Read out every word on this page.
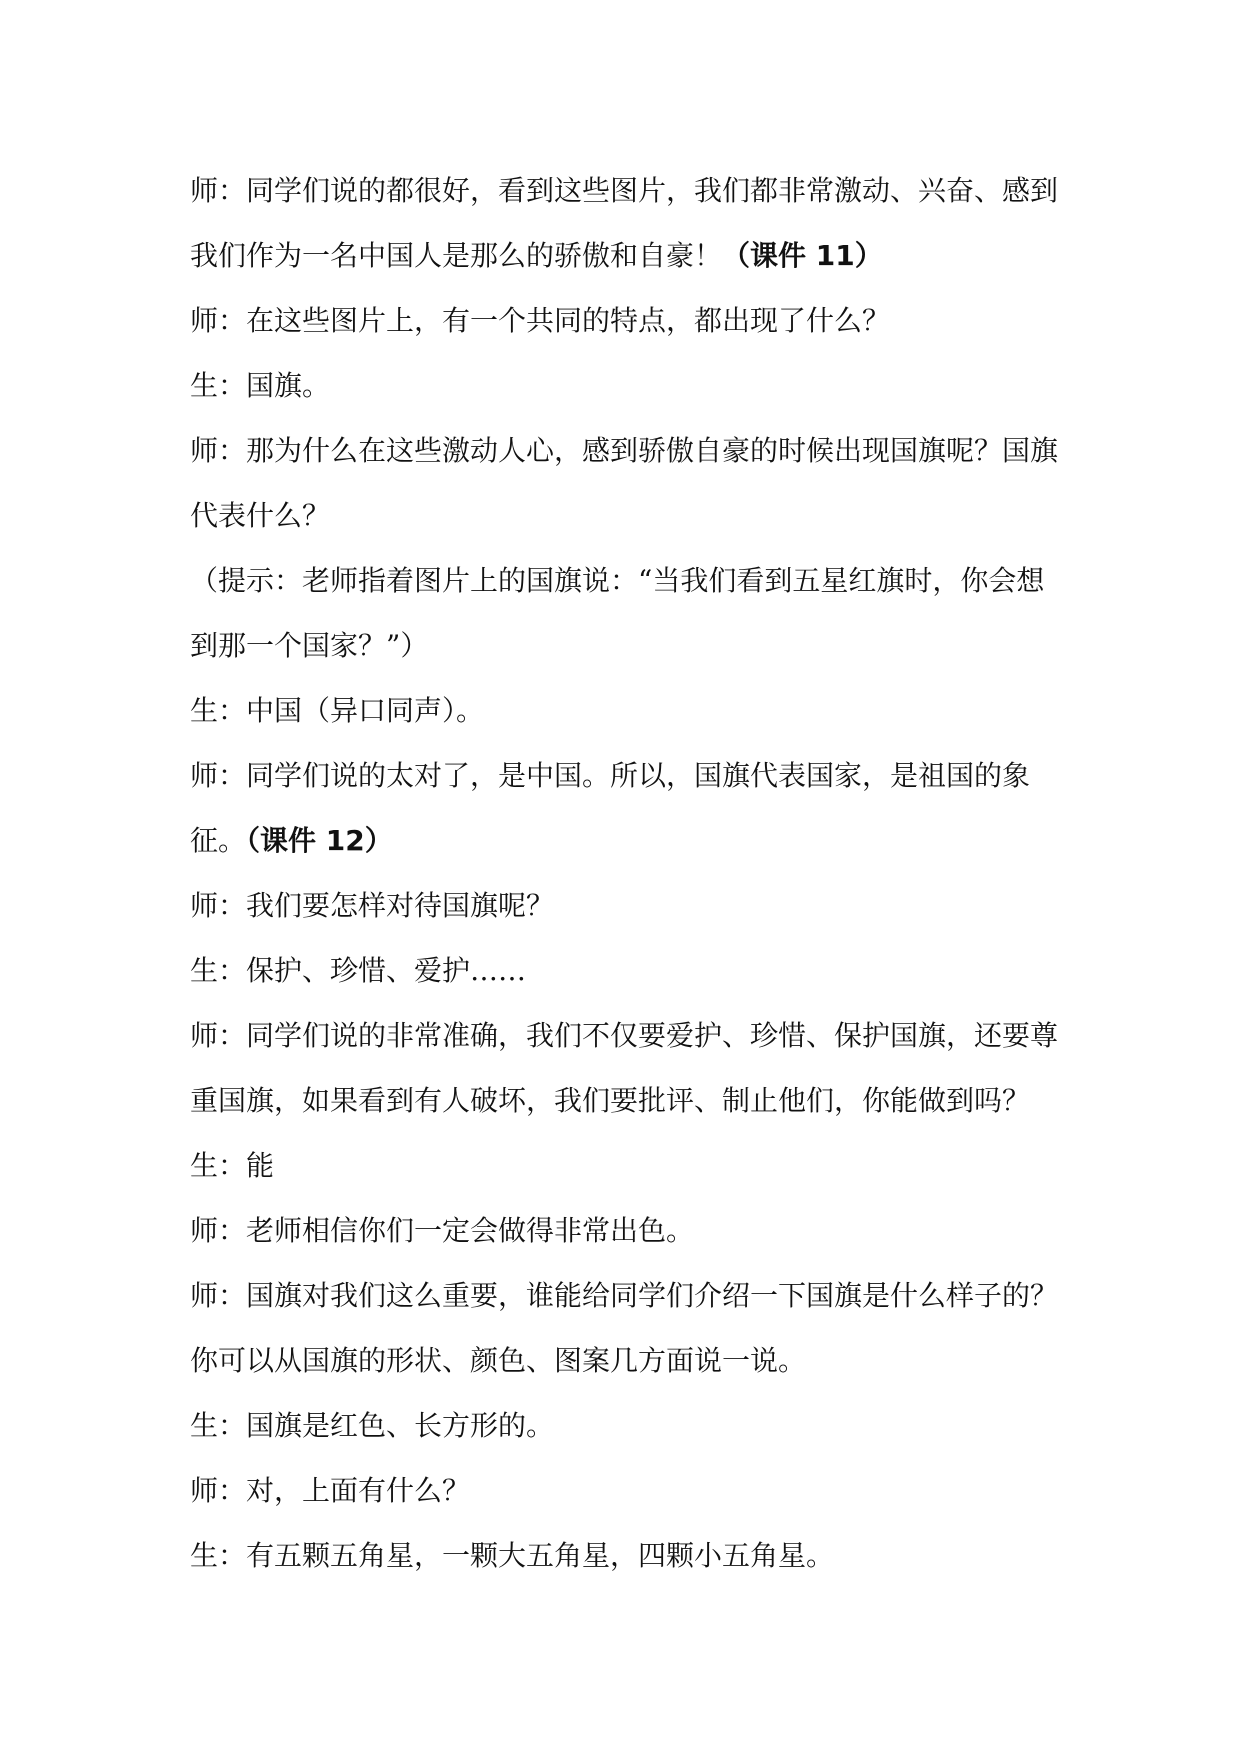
师：同学们说的都很好，看到这些图片，我们都非常激动、兴奋、感到我们作为一名中国人是那么的骄傲和自豪！（课件 11）

师：在这些图片上，有一个共同的特点，都出现了什么？

生：国旗。

师：那为什么在这些激动人心，感到骄傲自豪的时候出现国旗呢？国旗代表什么？

（提示：老师指着图片上的国旗说：“当我们看到五星红旗时，你会想到那一个国家？”）

生：中国（异口同声）。

师：同学们说的太对了，是中国。所以，国旗代表国家，是祖国的象征。（课件 12）

师：我们要怎样对待国旗呢？

生：保护、珍惜、爱护……

师：同学们说的非常准确，我们不仅要爱护、珍惜、保护国旗，还要尊重国旗，如果看到有人破坏，我们要批评、制止他们，你能做到吗？

生：能

师：老师相信你们一定会做得非常出色。

师：国旗对我们这么重要，谁能给同学们介绍一下国旗是什么样子的？你可以从国旗的形状、颜色、图案几方面说一说。

生：国旗是红色、长方形的。

师：对，上面有什么？

生：有五颗五角星，一颗大五角星，四颗小五角星。
